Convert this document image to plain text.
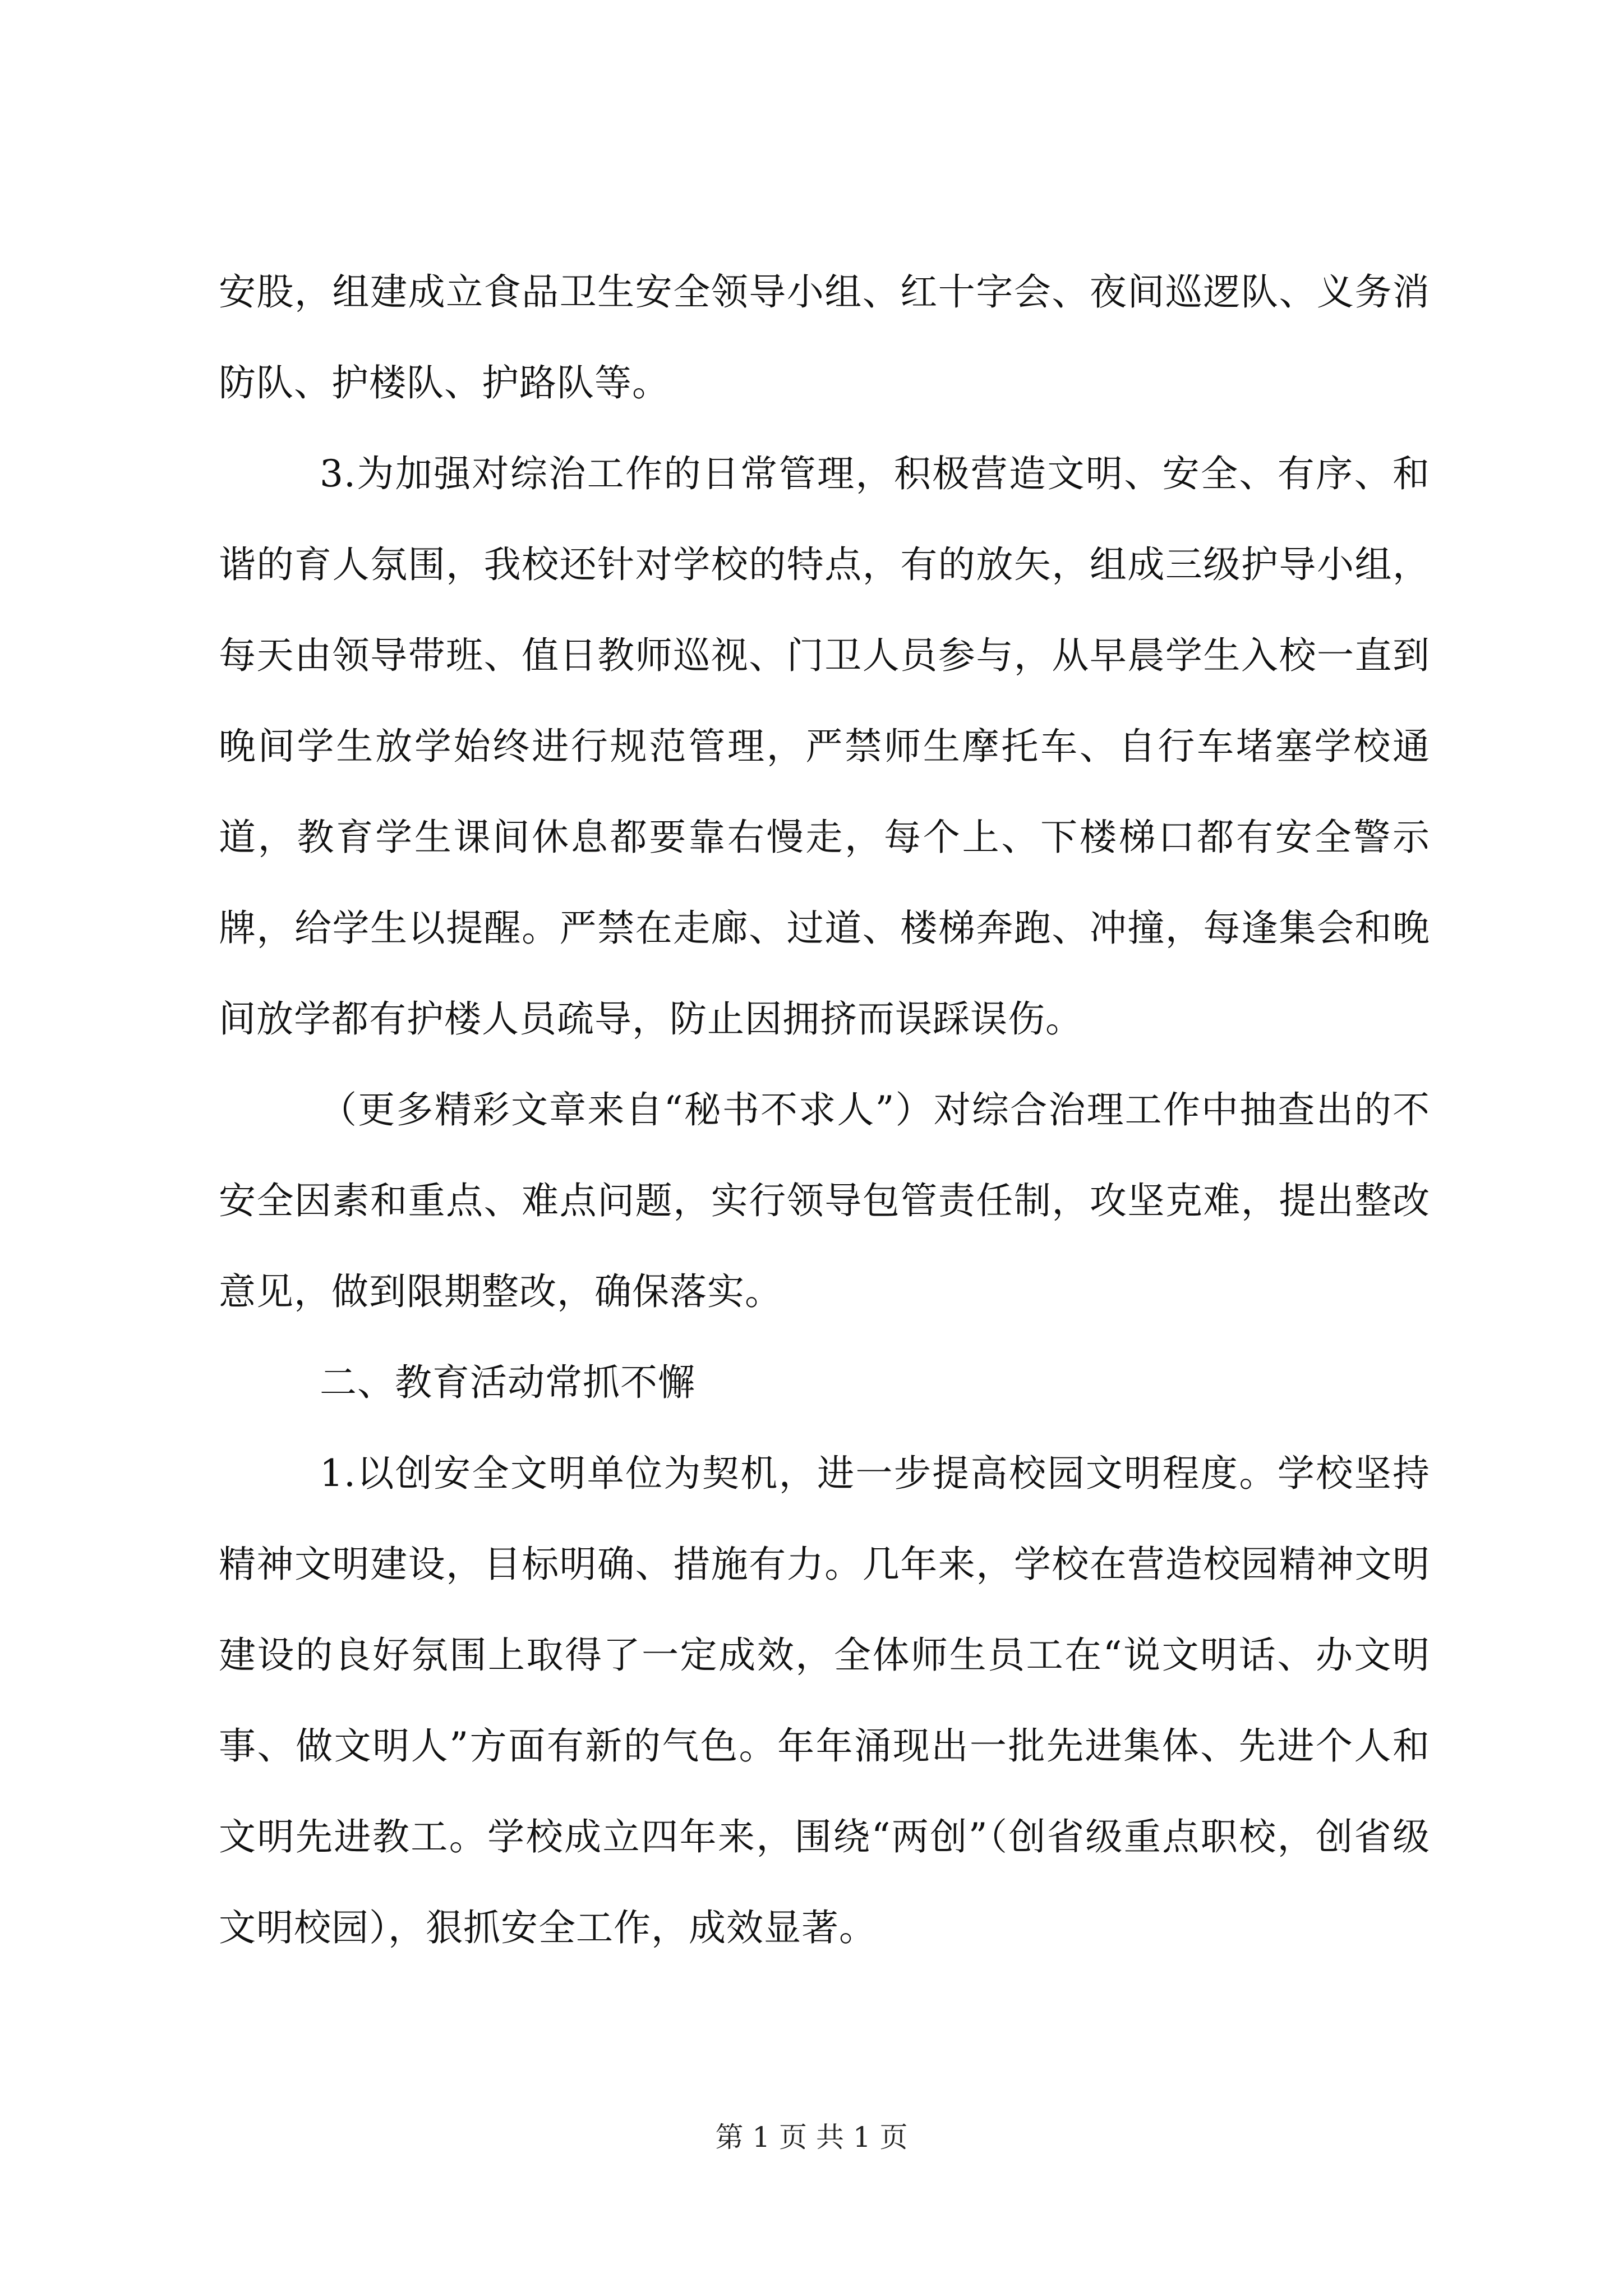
安股，组建成立食品卫生安全领导小组、红十字会、夜间巡逻队、义务消防队、护楼队、护路队等。

3.为加强对综治工作的日常管理，积极营造文明、安全、有序、和谐的育人氛围，我校还针对学校的特点，有的放矢，组成三级护导小组，每天由领导带班、值日教师巡视、门卫人员参与，从早晨学生入校一直到晚间学生放学始终进行规范管理，严禁师生摩托车、自行车堵塞学校通道，教育学生课间休息都要靠右慢走，每个上、下楼梯口都有安全警示牌，给学生以提醒。严禁在走廊、过道、楼梯奔跑、冲撞，每逢集会和晚间放学都有护楼人员疏导，防止因拥挤而误踩误伤。

（更多精彩文章来自“秘书不求人”）对综合治理工作中抽查出的不安全因素和重点、难点问题，实行领导包管责任制，攻坚克难，提出整改意见，做到限期整改，确保落实。

二、教育活动常抓不懈

1.以创安全文明单位为契机，进一步提高校园文明程度。学校坚持精神文明建设，目标明确、措施有力。几年来，学校在营造校园精神文明建设的良好氛围上取得了一定成效，全体师生员工在“说文明话、办文明事、做文明人”方面有新的气色。年年涌现出一批先进集体、先进个人和文明先进教工。学校成立四年来，围绕“两创”（创省级重点职校，创省级文明校园），狠抓安全工作，成效显著。

第 1 页 共 1 页
